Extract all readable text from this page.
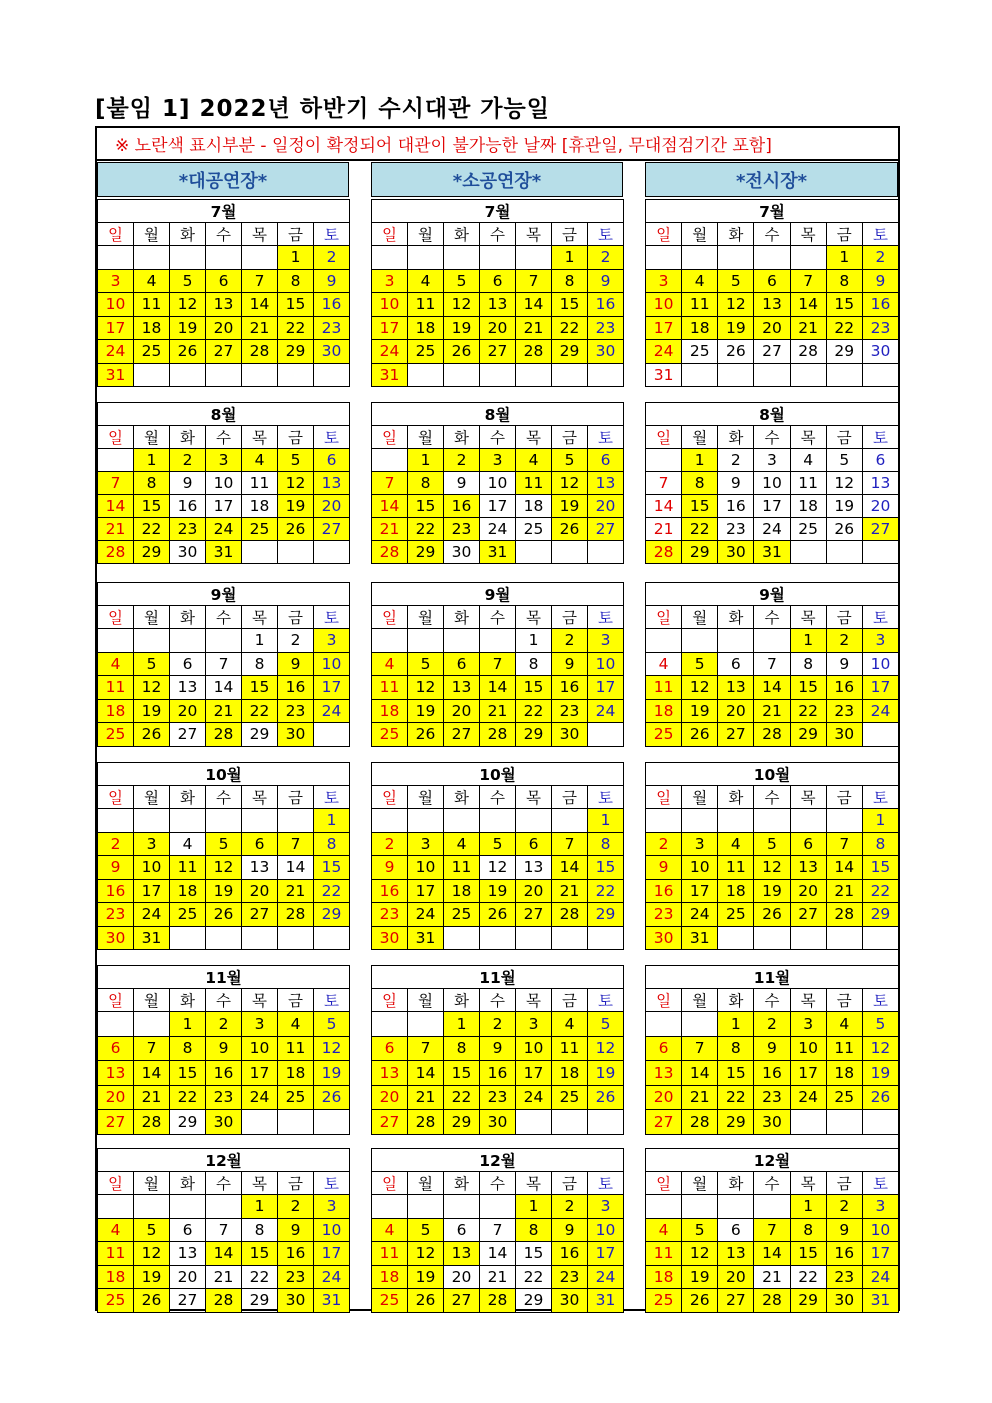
[붙임 1] 2022년 하반기 수시대관 가능일
※ 노란색 표시부분 - 일정이 확정되어 대관이 불가능한 날짜 [휴관일, 무대점검기간 포함]
*대공연장*	*소공연장*	*전시장*
7월						
일	월	화	수	목	금	토
					1	2
3	4	5	6	7	8	9
10	11	12	13	14	15	16
17	18	19	20	21	22	23
24	25	26	27	28	29	30
31						
8월						
일	월	화	수	목	금	토
	1	2	3	4	5	6
7	8	9	10	11	12	13
14	15	16	17	18	19	20
21	22	23	24	25	26	27
28	29	30	31			
9월						
일	월	화	수	목	금	토
				1	2	3
4	5	6	7	8	9	10
11	12	13	14	15	16	17
18	19	20	21	22	23	24
25	26	27	28	29	30	
10월						
일	월	화	수	목	금	토
						1
2	3	4	5	6	7	8
9	10	11	12	13	14	15
16	17	18	19	20	21	22
23	24	25	26	27	28	29
30	31					
11월						
일	월	화	수	목	금	토
		1	2	3	4	5
6	7	8	9	10	11	12
13	14	15	16	17	18	19
20	21	22	23	24	25	26
27	28	29	30			
12월						
일	월	화	수	목	금	토
				1	2	3
4	5	6	7	8	9	10
11	12	13	14	15	16	17
18	19	20	21	22	23	24
25	26	27	28	29	30	31
7월						
일	월	화	수	목	금	토
					1	2
3	4	5	6	7	8	9
10	11	12	13	14	15	16
17	18	19	20	21	22	23
24	25	26	27	28	29	30
31						
8월						
일	월	화	수	목	금	토
	1	2	3	4	5	6
7	8	9	10	11	12	13
14	15	16	17	18	19	20
21	22	23	24	25	26	27
28	29	30	31			
9월						
일	월	화	수	목	금	토
				1	2	3
4	5	6	7	8	9	10
11	12	13	14	15	16	17
18	19	20	21	22	23	24
25	26	27	28	29	30	
10월						
일	월	화	수	목	금	토
						1
2	3	4	5	6	7	8
9	10	11	12	13	14	15
16	17	18	19	20	21	22
23	24	25	26	27	28	29
30	31					
11월						
일	월	화	수	목	금	토
		1	2	3	4	5
6	7	8	9	10	11	12
13	14	15	16	17	18	19
20	21	22	23	24	25	26
27	28	29	30			
12월						
일	월	화	수	목	금	토
				1	2	3
4	5	6	7	8	9	10
11	12	13	14	15	16	17
18	19	20	21	22	23	24
25	26	27	28	29	30	31
7월						
일	월	화	수	목	금	토
					1	2
3	4	5	6	7	8	9
10	11	12	13	14	15	16
17	18	19	20	21	22	23
24	25	26	27	28	29	30
31						
8월						
일	월	화	수	목	금	토
	1	2	3	4	5	6
7	8	9	10	11	12	13
14	15	16	17	18	19	20
21	22	23	24	25	26	27
28	29	30	31			
9월						
일	월	화	수	목	금	토
				1	2	3
4	5	6	7	8	9	10
11	12	13	14	15	16	17
18	19	20	21	22	23	24
25	26	27	28	29	30	
10월						
일	월	화	수	목	금	토
						1
2	3	4	5	6	7	8
9	10	11	12	13	14	15
16	17	18	19	20	21	22
23	24	25	26	27	28	29
30	31					
11월						
일	월	화	수	목	금	토
		1	2	3	4	5
6	7	8	9	10	11	12
13	14	15	16	17	18	19
20	21	22	23	24	25	26
27	28	29	30			
12월						
일	월	화	수	목	금	토
				1	2	3
4	5	6	7	8	9	10
11	12	13	14	15	16	17
18	19	20	21	22	23	24
25	26	27	28	29	30	31
